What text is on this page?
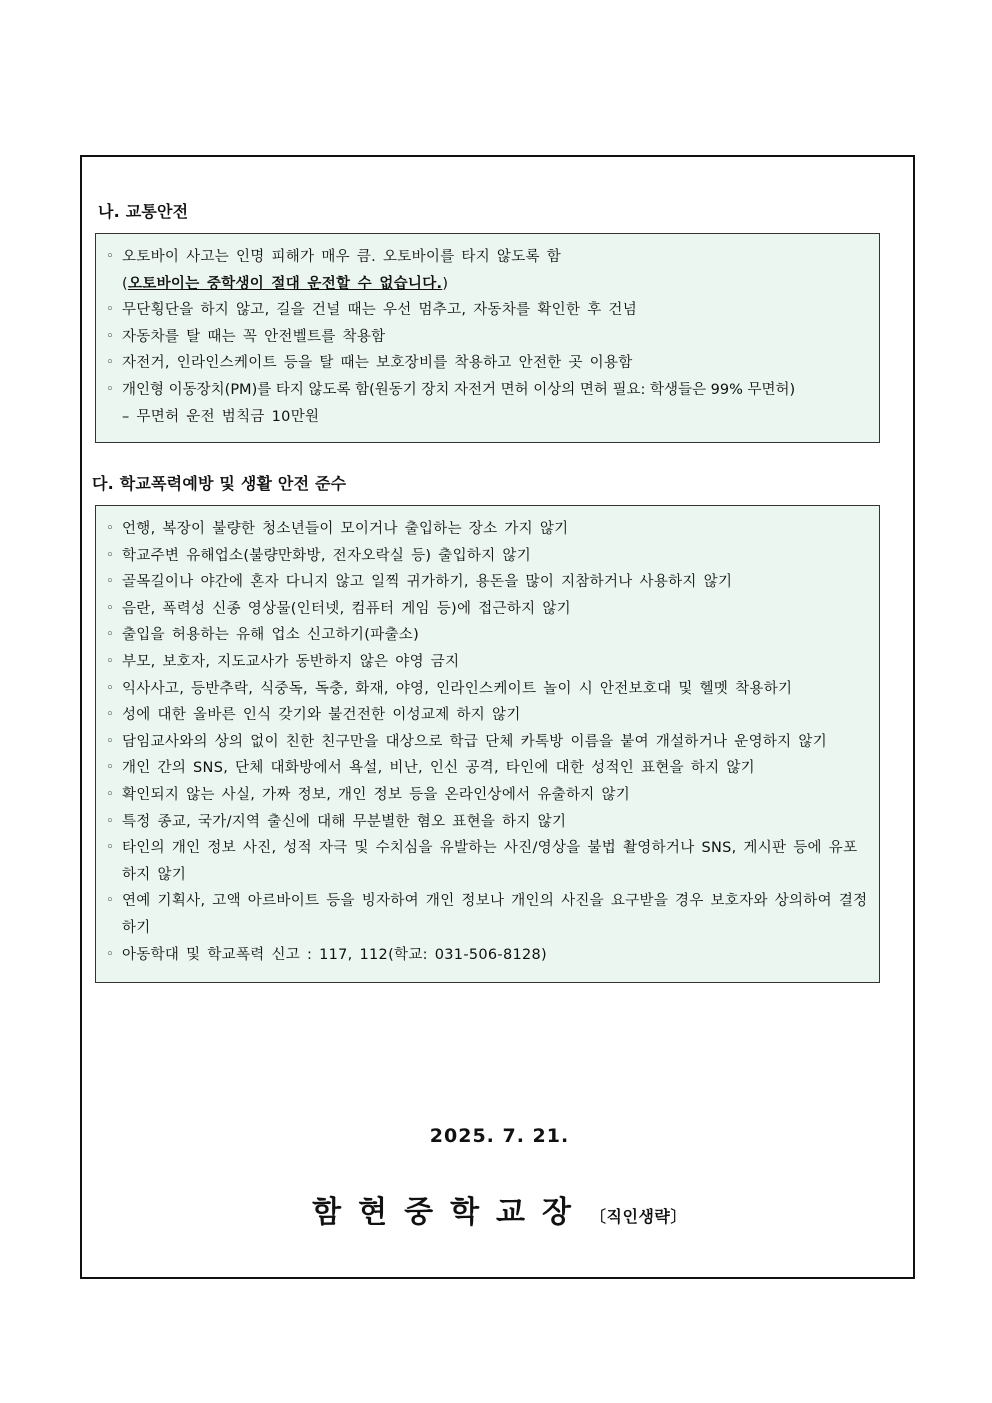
나. 교통안전
◦ 오토바이 사고는 인명 피해가 매우 큼. 오토바이를 타지 않도록 함
(오토바이는 중학생이 절대 운전할 수 없습니다.)
◦ 무단횡단을 하지 않고, 길을 건널 때는 우선 멈추고, 자동차를 확인한 후 건넘
◦ 자동차를 탈 때는 꼭 안전벨트를 착용함
◦ 자전거, 인라인스케이트 등을 탈 때는 보호장비를 착용하고 안전한 곳 이용함
◦ 개인형 이동장치(PM)를 타지 않도록 함(원동기 장치 자전거 면허 이상의 면허 필요: 학생들은 99% 무면허)
– 무면허 운전 범칙금 10만원
다. 학교폭력예방 및 생활 안전 준수
◦ 언행, 복장이 불량한 청소년들이 모이거나 출입하는 장소 가지 않기
◦ 학교주변 유해업소(불량만화방, 전자오락실 등) 출입하지 않기
◦ 골목길이나 야간에 혼자 다니지 않고 일찍 귀가하기, 용돈을 많이 지참하거나 사용하지 않기
◦ 음란, 폭력성 신종 영상물(인터넷, 컴퓨터 게임 등)에 접근하지 않기
◦ 출입을 허용하는 유해 업소 신고하기(파출소)
◦ 부모, 보호자, 지도교사가 동반하지 않은 야영 금지
◦ 익사사고, 등반추락, 식중독, 독충, 화재, 야영, 인라인스케이트 놀이 시 안전보호대 및 헬멧 착용하기
◦ 성에 대한 올바른 인식 갖기와 불건전한 이성교제 하지 않기
◦ 담임교사와의 상의 없이 친한 친구만을 대상으로 학급 단체 카톡방 이름을 붙여 개설하거나 운영하지 않기
◦ 개인 간의 SNS, 단체 대화방에서 욕설, 비난, 인신 공격, 타인에 대한 성적인 표현을 하지 않기
◦ 확인되지 않는 사실, 가짜 정보, 개인 정보 등을 온라인상에서 유출하지 않기
◦ 특정 종교, 국가/지역 출신에 대해 무분별한 혐오 표현을 하지 않기
◦ 타인의 개인 정보 사진, 성적 자극 및 수치심을 유발하는 사진/영상을 불법 촬영하거나 SNS, 게시판 등에 유포하지 않기
◦ 연예 기획사, 고액 아르바이트 등을 빙자하여 개인 정보나 개인의 사진을 요구받을 경우 보호자와 상의하여 결정하기
◦ 아동학대 및 학교폭력 신고 : 117, 112(학교: 031-506-8128)
2025. 7. 21.
함현중학교장 〔직인생략〕
